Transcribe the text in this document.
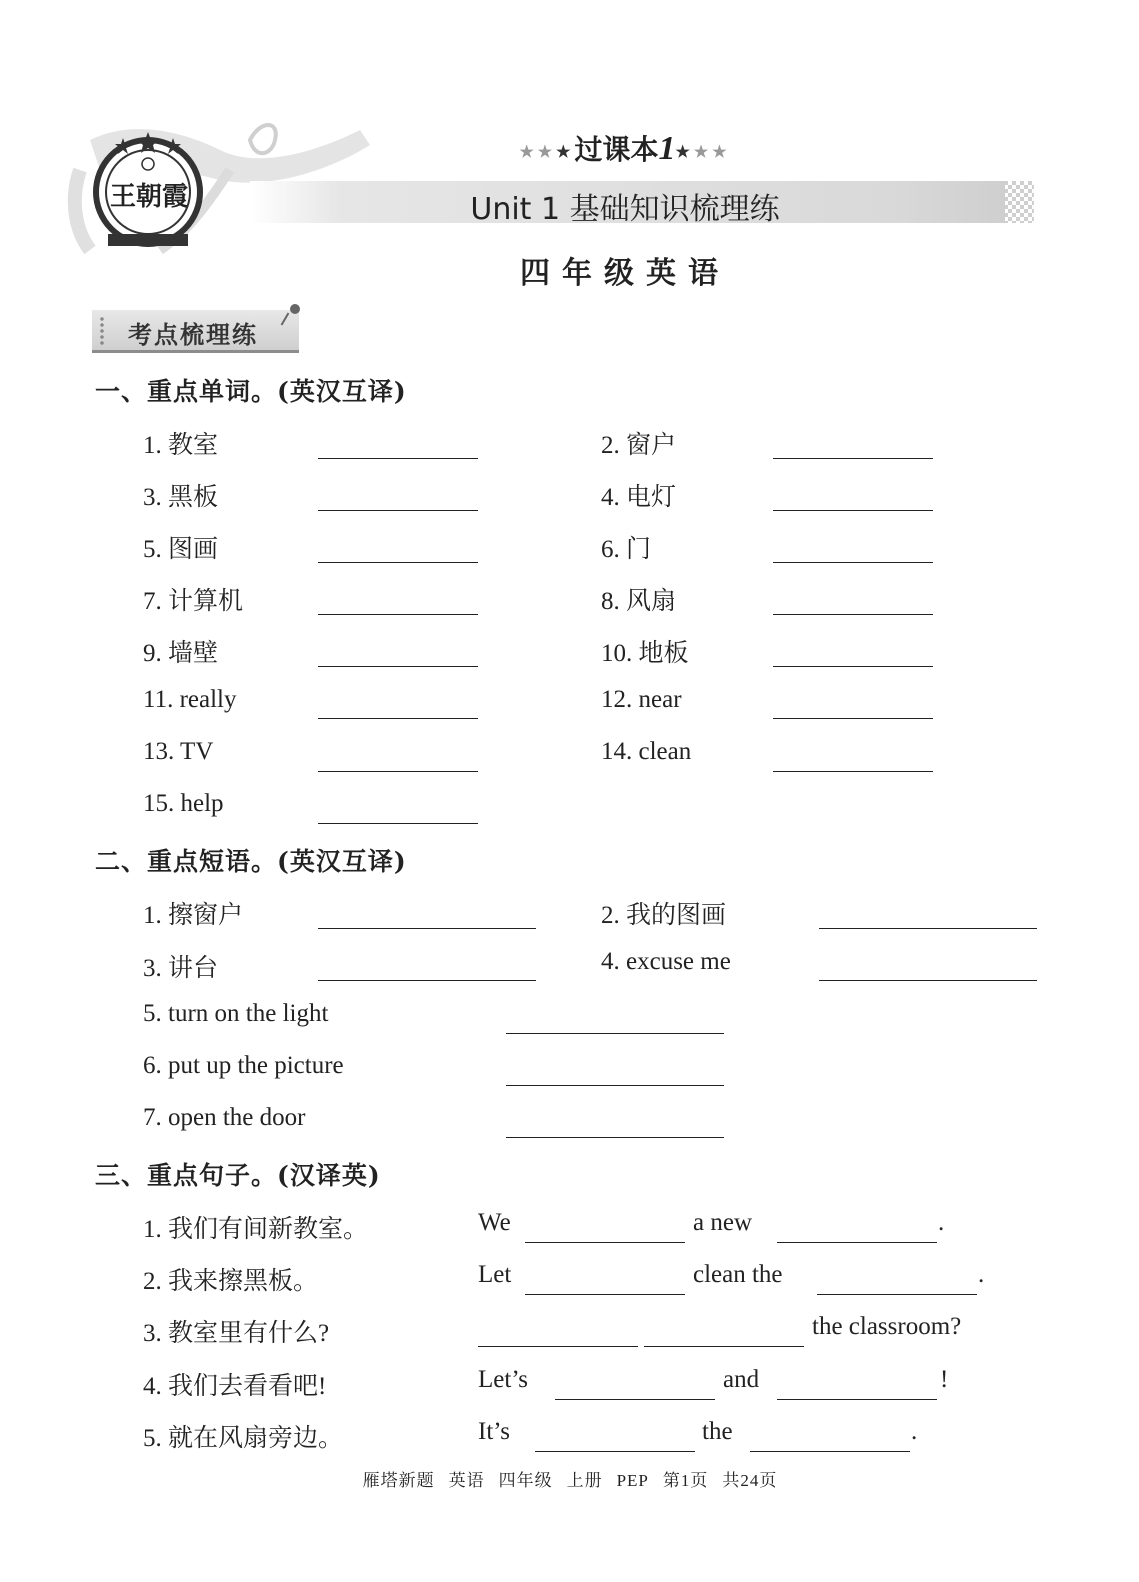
王朝霞
★★★过课本1★★★
Unit 1 基础知识梳理练
四年级英语
考点梳理练
一、重点单词。(英汉互译)
1. 教室	2. 窗户
3. 黑板	4. 电灯
5. 图画	6. 门
7. 计算机	8. 风扇
9. 墙壁	10. 地板
11. really	12. near
13. TV	14. clean
15. help
二、重点短语。(英汉互译)
1. 擦窗户	2. 我的图画
3. 讲台	4. excuse me
5. turn on the light
6. put up the picture
7. open the door
三、重点句子。(汉译英)
1. 我们有间新教室。	We	a new	.
2. 我来擦黑板。	Let	clean the	.
3. 教室里有什么?	the classroom?
4. 我们去看看吧!	Let’s	and	!
5. 就在风扇旁边。	It’s	the	.
雁塔新题 英语 四年级 上册 PEP 第1页 共24页
